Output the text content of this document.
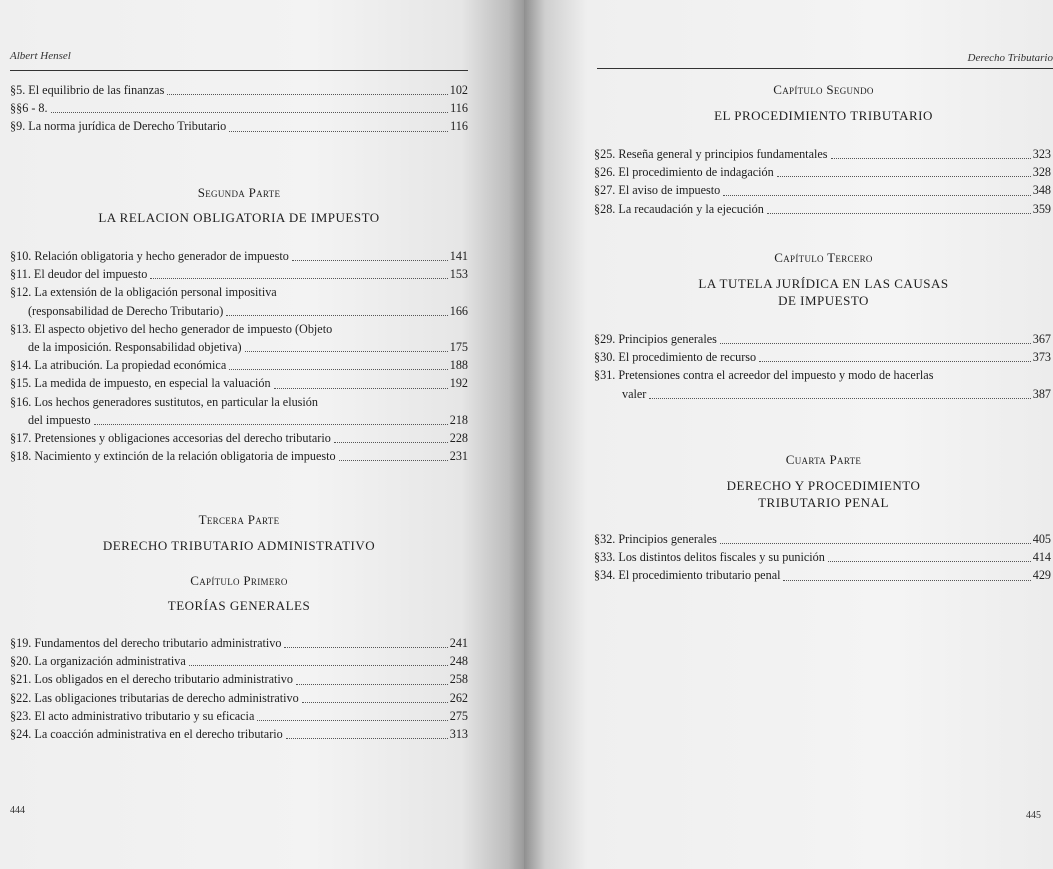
Albert Hensel
§5. El equilibrio de las finanzas	102
§§6 - 8.	116
§9. La norma jurídica de Derecho Tributario	116
Segunda Parte
LA RELACION OBLIGATORIA DE IMPUESTO
§10. Relación obligatoria y hecho generador de impuesto	141
§11. El deudor del impuesto	153
§12. La extensión de la obligación personal impositiva
(responsabilidad de Derecho Tributario)	166
§13. El aspecto objetivo del hecho generador de impuesto (Objeto
de la imposición. Responsabilidad objetiva)	175
§14. La atribución. La propiedad económica	188
§15. La medida de impuesto, en especial la valuación	192
§16. Los hechos generadores sustitutos, en particular la elusión
del impuesto	218
§17. Pretensiones y obligaciones accesorias del derecho tributario	228
§18. Nacimiento y extinción de la relación obligatoria de impuesto	231
Tercera Parte
DERECHO TRIBUTARIO ADMINISTRATIVO
Capítulo Primero
TEORÍAS GENERALES
§19. Fundamentos del derecho tributario administrativo	241
§20. La organización administrativa	248
§21. Los obligados en el derecho tributario administrativo	258
§22. Las obligaciones tributarias de derecho administrativo	262
§23. El acto administrativo tributario y su eficacia	275
§24. La coacción administrativa en el derecho tributario	313
444
Derecho Tributario
Capítulo Segundo
EL PROCEDIMIENTO TRIBUTARIO
§25. Reseña general y principios fundamentales	323
§26. El procedimiento de indagación	328
§27. El aviso de impuesto	348
§28. La recaudación y la ejecución	359
Capítulo Tercero
LA TUTELA JURÍDICA EN LAS CAUSAS
DE IMPUESTO
§29. Principios generales	367
§30. El procedimiento de recurso	373
§31. Pretensiones contra el acreedor del impuesto y modo de hacerlas
valer	387
Cuarta Parte
DERECHO Y PROCEDIMIENTO
TRIBUTARIO PENAL
§32. Principios generales	405
§33. Los distintos delitos fiscales y su punición	414
§34. El procedimiento tributario penal	429
445
